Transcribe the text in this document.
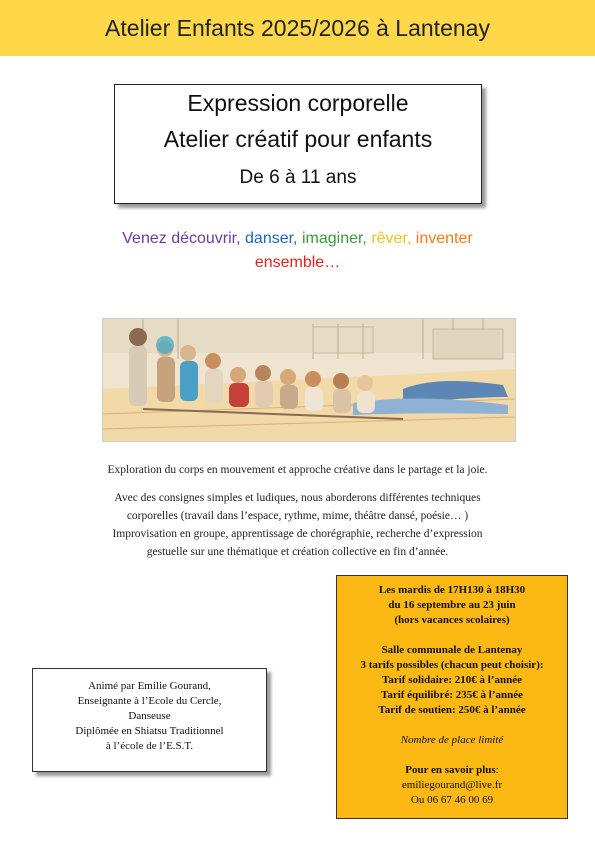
Atelier Enfants 2025/2026 à Lantenay
Expression corporelle
Atelier créatif pour enfants
De 6 à 11 ans
Venez découvrir, danser, imaginer, rêver, inventer
ensemble…
Exploration du corps en mouvement et approche créative dans le partage et la joie.
Avec des consignes simples et ludiques, nous aborderons différentes techniques
corporelles (travail dans l’espace, rythme, mime, théâtre dansé, poésie… )
Improvisation en groupe, apprentissage de chorégraphie, recherche d’expression
gestuelle sur une thématique et création collective en fin d’année.
Animé par Emilie Gourand,
Enseignante à l’Ecole du Cercle,
Danseuse
Diplômée en Shiatsu Traditionnel
à l’école de l’E.S.T.
Les mardis de 17H130 à 18H30
du 16 septembre au 23 juin
(hors vacances scolaires)
Salle communale de Lantenay
3 tarifs possibles (chacun peut choisir):
Tarif solidaire: 210€ à l’année
Tarif équilibré: 235€ à l’année
Tarif de soutien: 250€ à l’année
Nombre de place limité
Pour en savoir plus:
emiliegourand@live.fr
Ou 06 67 46 00 69
